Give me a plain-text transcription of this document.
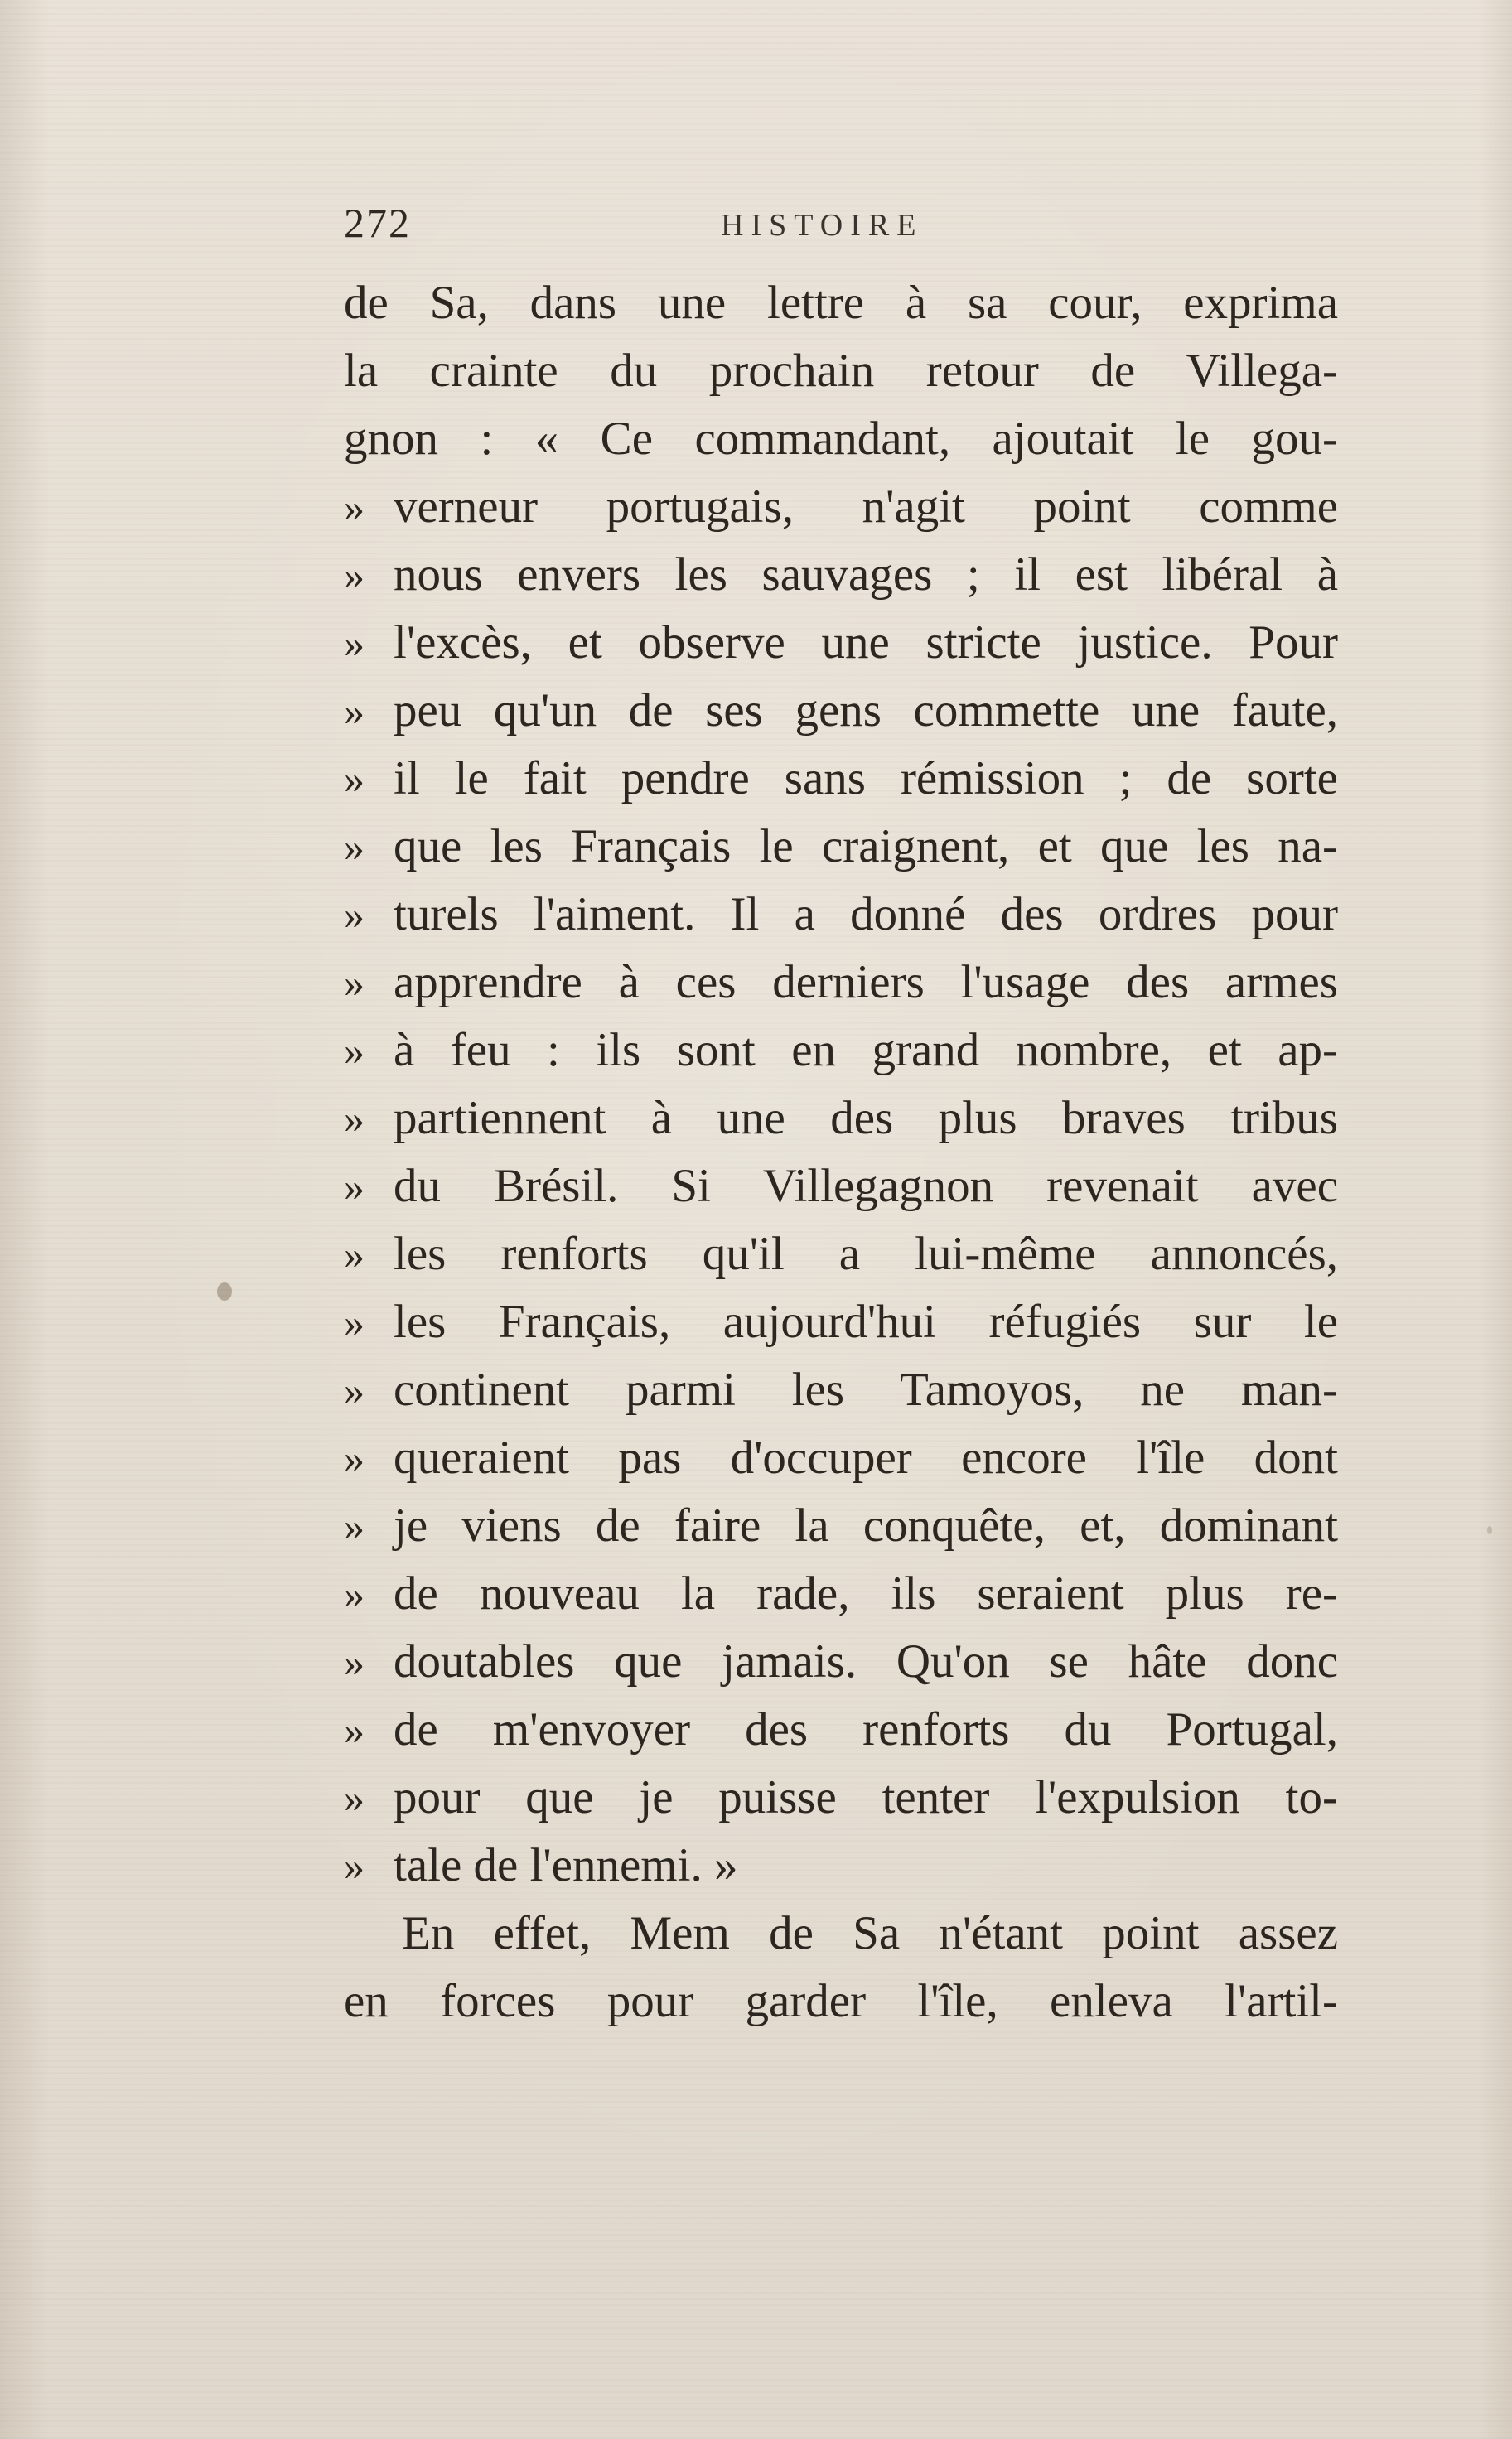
272	HISTOIRE
de Sa, dans une lettre à sa cour, exprima
la crainte du prochain retour de Villega-
gnon : « Ce commandant, ajoutait le gou-
» verneur portugais, n'agit point comme
» nous envers les sauvages ; il est libéral à
» l'excès, et observe une stricte justice. Pour
» peu qu'un de ses gens commette une faute,
» il le fait pendre sans rémission ; de sorte
» que les Français le craignent, et que les na-
» turels l'aiment. Il a donné des ordres pour
» apprendre à ces derniers l'usage des armes
» à feu : ils sont en grand nombre, et ap-
» partiennent à une des plus braves tribus
» du Brésil. Si Villegagnon revenait avec
» les renforts qu'il a lui-même annoncés,
» les Français, aujourd'hui réfugiés sur le
» continent parmi les Tamoyos, ne man-
» queraient pas d'occuper encore l'île dont
» je viens de faire la conquête, et, dominant
» de nouveau la rade, ils seraient plus re-
» doutables que jamais. Qu'on se hâte donc
» de m'envoyer des renforts du Portugal,
» pour que je puisse tenter l'expulsion to-
» tale de l'ennemi. »
En effet, Mem de Sa n'étant point assez
en forces pour garder l'île, enleva l'artil-
